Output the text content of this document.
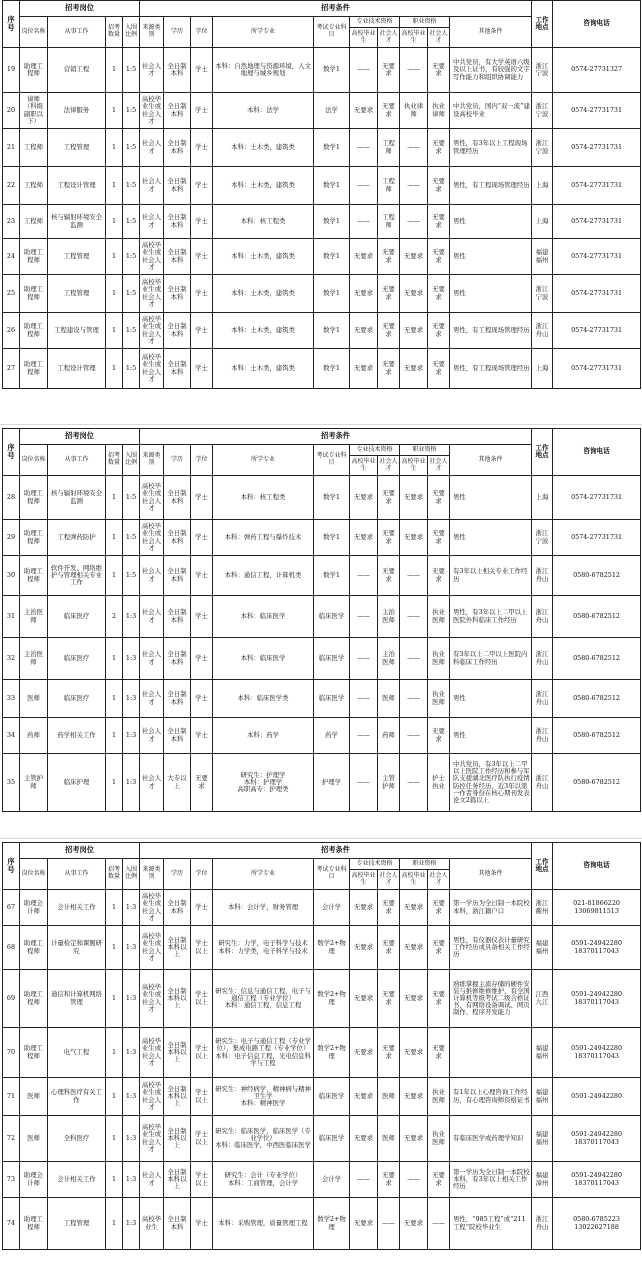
序号	招考岗位				招考条件										工作地点	咨询电话
	岗位名称	从事工作	招考数量	入围比例	来源类别	学历	学位	所学专业	考试专业科目	专业技术资格		职业资格		其他条件		
										高校毕业生	社会人才	高校毕业生	社会人才			
19	助理工程师	营销工程	1	1:5	社会人才	全日制本科	学士	本科：自然地理与资源环境，人文地理与城乡规划	数学1	——	无要求	——	无要求	中共党员，有大学英语六级及以上证书，有较强的文字写作能力和组织协调能力	浙江宁波	0574-27731327
20	律师（科级副职以下）	法律服务	1	1:5	高校毕业生或社会人才	全日制本科	学士	本科：法学	法学	无要求	无要求	执业律师	执业律师	中共党员，国内“双一流”建设高校毕业	浙江宁波	0574-27731731
21	工程师	工程管理	1	1:5	社会人才	全日制本科	学士	本科：土木类，建筑类	数学1	——	工程师	——	无要求	男性，有3年以上工程现场管理经历	浙江宁波	0574-27731731
22	工程师	工程设计管理	1	1:5	社会人才	全日制本科	学士	本科：土木类，建筑类	数学1	——	工程师	——	无要求	男性，有工程现场管理经历	上海	0574-27731731
23	工程师	核与辐射环境安全监测	1	1:5	社会人才	全日制本科	学士	本科：核工程类	数学1	——	工程师	——	无要求	男性	上海	0574-27731731
24	助理工程师	工程管理	1	1:5	高校毕业生或社会人才	全日制本科	学士	本科：土木类，建筑类	数学1	无要求	无要求	无要求	无要求	男性	福建福州	0574-27731731
25	助理工程师	工程管理	1	1:5	高校毕业生或社会人才	全日制本科	学士	本科：土木类，建筑类	数学1	无要求	无要求	无要求	无要求	男性	浙江宁波	0574-27731731
26	助理工程师	工程建设与管理	1	1:5	高校毕业生或社会人才	全日制本科	学士	本科：土木类，建筑类	数学1	无要求	无要求	无要求	无要求	男性，有工程现场管理经历	浙江舟山	0574-27731731
27	助理工程师	工程设计管理	1	1:5	高校毕业生或社会人才	全日制本科	学士	本科：土木类，建筑类	数学1	无要求	无要求	无要求	无要求	男性，有工程现场管理经历	上海	0574-27731731
序号	招考岗位				招考条件										工作地点	咨询电话
	岗位名称	从事工作	招考数量	入围比例	来源类别	学历	学位	所学专业	考试专业科目	专业技术资格		职业资格		其他条件		
										高校毕业生	社会人才	高校毕业生	社会人才			
28	助理工程师	核与辐射环境安全监测	1	1:5	高校毕业生或社会人才	全日制本科	学士	本科：核工程类	数学1	无要求	无要求	无要求	无要求	男性	上海	0574-27731731
29	助理工程师	工程弹药防护	1	1:5	高校毕业生或社会人才	全日制本科	学士	本科：弹药工程与爆炸技术	数学1	无要求	无要求	无要求	无要求	男性	浙江宁波	0574-27731731
30	助理工程师	软件开发、网络维护与管理相关专业工作	1	1:5	社会人才	全日制本科	学士	本科：通信工程，计算机类	数学1	——	无要求	——	无要求	有3年以上相关专业工作经历	浙江舟山	0580-6782512
31	主治医师	临床医疗	2	1:3	社会人才	全日制本科	学士	本科：临床医学	临床医学	——	主治医师	——	执业医师	男性，有3年以上二甲以上医院外科临床工作经历	浙江舟山	0580-6782512
32	主治医师	临床医疗	1	1:3	社会人才	全日制本科	学士	本科：临床医学	临床医学	——	主治医师	——	执业医师	有3年以上二甲以上医院内科临床工作经历	浙江舟山	0580-6782512
33	医师	临床医疗	1	1:3	社会人才	全日制本科	学士	本科：临床医学类	临床医学	——	医师	——	执业医师	男性	浙江舟山	0580-6782512
34	药师	药学相关工作	1	1:3	社会人才	全日制本科	学士	本科：药学	药学	——	药师	——	无要求	男性	浙江舟山	0580-6782512
35	主管护师	临床护理	1	1:3	社会人才	大专以上	无要求	研究生：护理学
本科：护理学
高职高专：护理类	护理学	——	主管护师	——	护士执业	中共党员，有3年以上二甲以上医院工作经历和参与军队支援湖北医疗队执行疫情防控任务经历，近3年以第一作者身份在核心期刊发表论文2篇以上	浙江舟山	0580-6782512
序号	招考岗位				招考条件										工作地点	咨询电话
	岗位名称	从事工作	招考数量	入围比例	来源类别	学历	学位	所学专业	考试专业科目	专业技术资格		职业资格		其他条件		
										高校毕业生	社会人才	高校毕业生	社会人才			
67	助理会计师	会计相关工作	1	1:3	高校毕业生或社会人才	全日制本科	学士	本科：会计学，财务管理	会计学	无要求	无要求	无要求	无要求	第一学历为全日制一本院校本科，浙江籍户口	浙江衢州	021-81866220
13069811513
68	助理工程师	计量检定和课题研究	1	1:3	高校毕业生或社会人才	全日制本科以上	学士以上	研究生：力学，电子科学与技术
本科：力学类，电子科学与技术	数学2+物理	无要求	无要求	无要求	无要求	男性，有仪器仪表计量研究工作经历或具备相关工作经历	福建福州	0591-24942280
18370117043
69	助理工程师	通信和计算机网络管理	1	1:3	高校毕业生或社会人才	全日制本科以上	学士以上	研究生：信息与通信工程，电子与通信工程（专业学位）
本科：通信工程，信息工程	数学2+物理	无要求	无要求	无要求	无要求	熟练掌握主流存储的硬件安装与推修维修维护，有全国计算机等级考试二级合格证书，有网络设备调试、网页制作、程序开发能力	江西九江	0591-24942280
18370117043
70	助理工程师	电气工程	1	1:3	高校毕业生或社会人才	全日制本科以上	学士以上	研究生：电子与通信工程（专业学位），集成电路工程（专业学位）
本科：电子信息工程，光电信息科学与工程	数学2+物理	无要求	无要求	无要求	无要求		福建福州	0591-24942280
18370117043
71	医师	心理科医疗有关工作	1	1:3	高校毕业生或社会人才	全日制本科以上	学士以上	研究生：神经病学，精神病与精神卫生学
本科：精神医学	临床医学	无要求	医师	无要求	执业医师	有1年以上心理咨询工作经历，有心理咨询师资格证书	福建福州	0591-24942280
72	医师	全科医疗	1	1:3	高校毕业生或社会人才	全日制本科以上	学士以上	研究生：临床医学，临床医学（专业学位）
本科：临床医学，中西医临床医学	临床医学	无要求	医师	无要求	执业医师	有临床医学或药理学知识	福建福州	0591-24942280
18370117043
73	助理会计师	会计相关工作	1	1:3	社会人才	全日制本科以上	学士以上	研究生：会计（专业学位）
本科：工商管理，会计学	会计学	——	无要求	——	无要求	第一学历为全日制一本院校本科，有3年以上相关工作经历	福建漳州	0591-24942280
18370117043
74	助理工程师	工程管理	1	1:3	高校毕业生	全日制本科	学士	本科：采购管理，质量管理工程	数学2+物理	无要求	——	无要求	——	男性，“985工程”或“211工程”院校毕业生	浙江舟山	0580-6785223
13022627188
